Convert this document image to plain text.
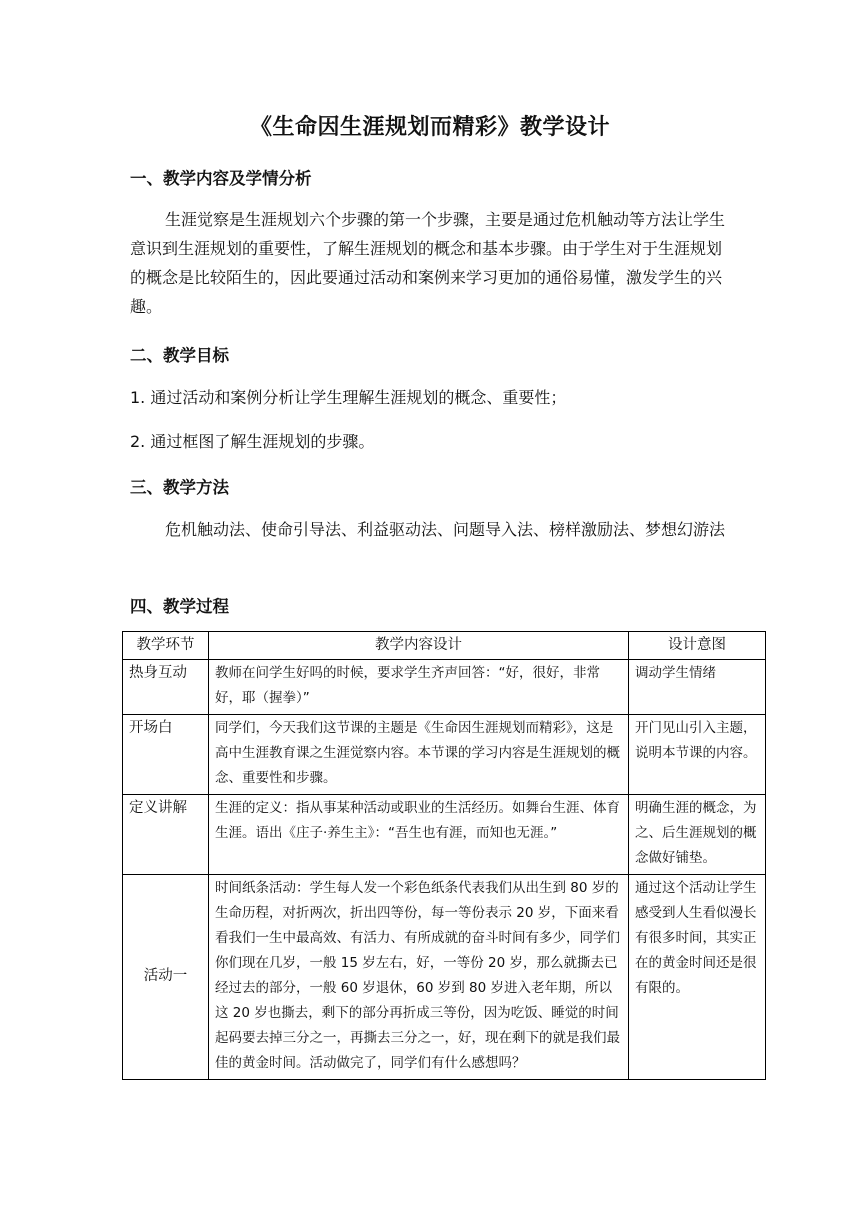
《生命因生涯规划而精彩》教学设计
一、教学内容及学情分析
生涯觉察是生涯规划六个步骤的第一个步骤，主要是通过危机触动等方法让学生意识到生涯规划的重要性，了解生涯规划的概念和基本步骤。由于学生对于生涯规划的概念是比较陌生的，因此要通过活动和案例来学习更加的通俗易懂，激发学生的兴趣。
二、教学目标
1. 通过活动和案例分析让学生理解生涯规划的概念、重要性；
2. 通过框图了解生涯规划的步骤。
三、教学方法
危机触动法、使命引导法、利益驱动法、问题导入法、榜样激励法、梦想幻游法
四、教学过程
教学环节	教学内容设计	设计意图
热身互动	教师在问学生好吗的时候，要求学生齐声回答：“好，很好，非常好，耶（握拳）”	调动学生情绪
开场白	同学们，今天我们这节课的主题是《生命因生涯规划而精彩》，这是高中生涯教育课之生涯觉察内容。本节课的学习内容是生涯规划的概念、重要性和步骤。	开门见山引入主题，说明本节课的内容。
定义讲解	生涯的定义：指从事某种活动或职业的生活经历。如舞台生涯、体育生涯。语出《庄子·养生主》：“吾生也有涯，而知也无涯。”	明确生涯的概念，为之、后生涯规划的概念做好铺垫。
活动一	时间纸条活动：学生每人发一个彩色纸条代表我们从出生到 80 岁的生命历程，对折两次，折出四等份，每一等份表示 20 岁，下面来看看我们一生中最高效、有活力、有所成就的奋斗时间有多少，同学们你们现在几岁，一般 15 岁左右，好，一等份 20 岁，那么就撕去已经过去的部分，一般 60 岁退休，60 岁到 80 岁进入老年期，所以这 20 岁也撕去，剩下的部分再折成三等份，因为吃饭、睡觉的时间起码要去掉三分之一，再撕去三分之一，好，现在剩下的就是我们最佳的黄金时间。活动做完了，同学们有什么感想吗？	通过这个活动让学生感受到人生看似漫长有很多时间，其实正在的黄金时间还是很有限的。
